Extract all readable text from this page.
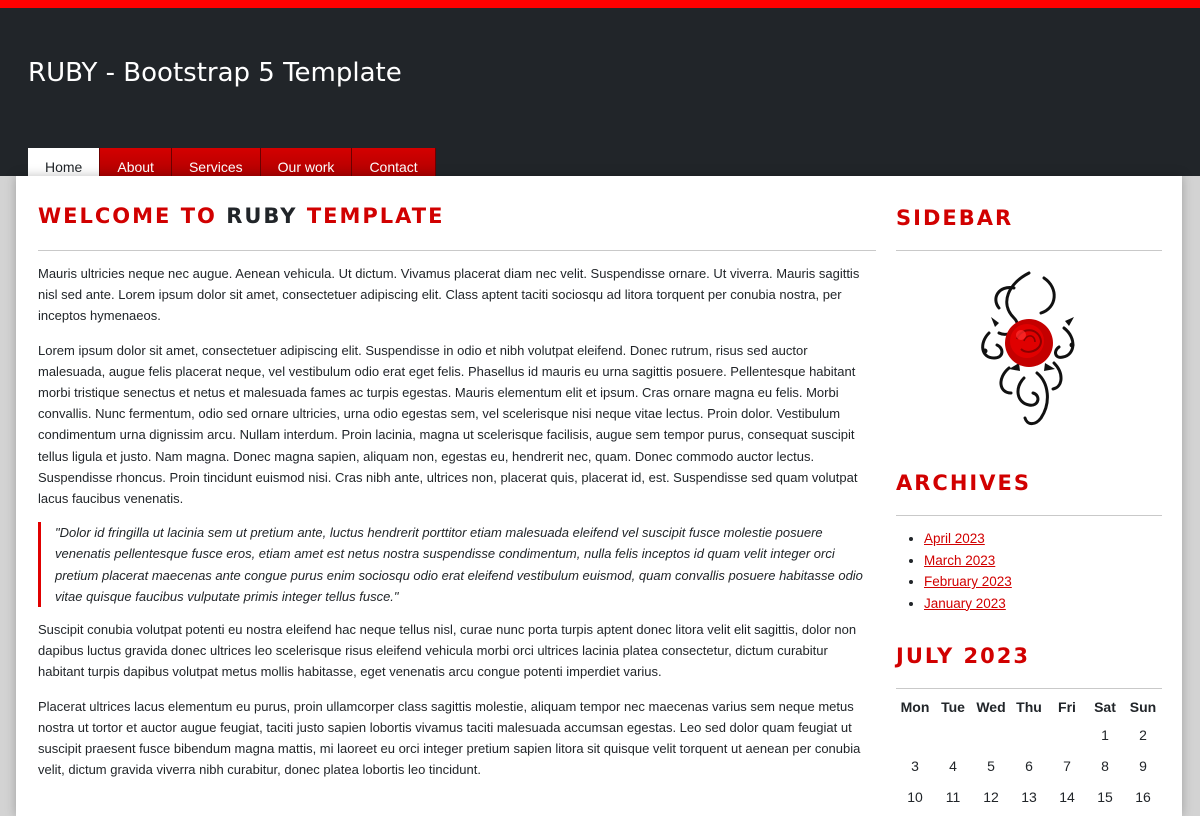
RUBY - Bootstrap 5 Template
Home	About	Services	Our work	Contact
WELCOME TO RUBY TEMPLATE

Mauris ultricies neque nec augue. Aenean vehicula. Ut dictum. Vivamus placerat diam nec velit. Suspendisse ornare. Ut viverra. Mauris sagittis nisl sed ante. Lorem ipsum dolor sit amet, consectetuer adipiscing elit. Class aptent taciti sociosqu ad litora torquent per conubia nostra, per inceptos hymenaeos.

Lorem ipsum dolor sit amet, consectetuer adipiscing elit. Suspendisse in odio et nibh volutpat eleifend. Donec rutrum, risus sed auctor malesuada, augue felis placerat neque, vel vestibulum odio erat eget felis. Phasellus id mauris eu urna sagittis posuere. Pellentesque habitant morbi tristique senectus et netus et malesuada fames ac turpis egestas. Mauris elementum elit et ipsum. Cras ornare magna eu felis. Morbi convallis. Nunc fermentum, odio sed ornare ultricies, urna odio egestas sem, vel scelerisque nisi neque vitae lectus. Proin dolor. Vestibulum condimentum urna dignissim arcu. Nullam interdum. Proin lacinia, magna ut scelerisque facilisis, augue sem tempor purus, consequat suscipit tellus ligula et justo. Nam magna. Donec magna sapien, aliquam non, egestas eu, hendrerit nec, quam. Donec commodo auctor lectus. Suspendisse rhoncus. Proin tincidunt euismod nisi. Cras nibh ante, ultrices non, placerat quis, placerat id, est. Suspendisse sed quam volutpat lacus faucibus venenatis.

"Dolor id fringilla ut lacinia sem ut pretium ante, luctus hendrerit porttitor etiam malesuada eleifend vel suscipit fusce molestie posuere venenatis pellentesque fusce eros, etiam amet est netus nostra suspendisse condimentum, nulla felis inceptos id quam velit integer orci pretium placerat maecenas ante congue purus enim sociosqu odio erat eleifend vestibulum euismod, quam convallis posuere habitasse odio vitae quisque faucibus vulputate primis integer tellus fusce."

Suscipit conubia volutpat potenti eu nostra eleifend hac neque tellus nisl, curae nunc porta turpis aptent donec litora velit elit sagittis, dolor non dapibus luctus gravida donec ultrices leo scelerisque risus eleifend vehicula morbi orci ultrices lacinia platea consectetur, dictum curabitur habitant turpis dapibus volutpat metus mollis habitasse, eget venenatis arcu congue potenti imperdiet varius.

Placerat ultrices lacus elementum eu purus, proin ullamcorper class sagittis molestie, aliquam tempor nec maecenas varius sem neque metus nostra ut tortor et auctor augue feugiat, taciti justo sapien lobortis vivamus taciti malesuada accumsan egestas. Leo sed dolor quam feugiat ut suscipit praesent fusce bibendum magna mattis, mi laoreet eu orci integer pretium sapien litora sit quisque velit torquent ut aenean per conubia velit, dictum gravida viverra nibh curabitur, donec platea lobortis leo tincidunt.

SIDEBAR
ARCHIVES
• April 2023
• March 2023
• February 2023
• January 2023
JULY 2023
Mon	Tue	Wed	Thu	Fri	Sat	Sun
					1	2
3	4	5	6	7	8	9
10	11	12	13	14	15	16
